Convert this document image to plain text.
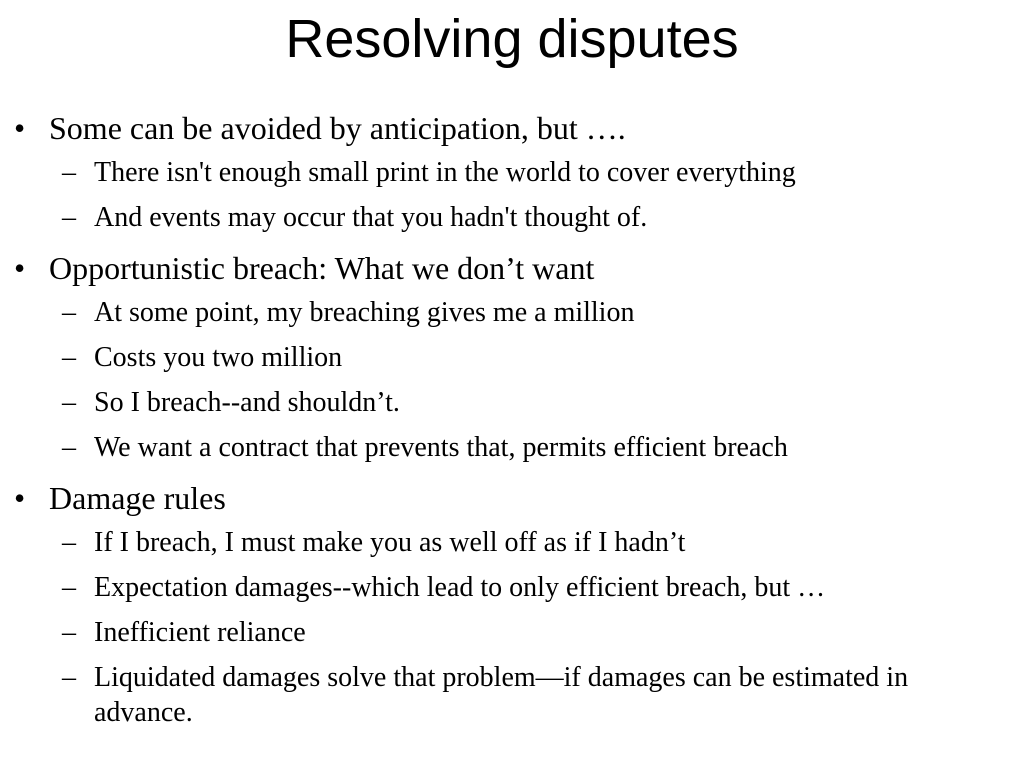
Resolving disputes
• Some can be avoided by anticipation, but ….
– There isn't enough small print in the world to cover everything
– And events may occur that you hadn't thought of.
• Opportunistic breach: What we don’t want
– At some point, my breaching gives me a million
– Costs you two million
– So I breach--and shouldn’t.
– We want a contract that prevents that, permits efficient breach
• Damage rules
– If I breach, I must make you as well off as if I hadn’t
– Expectation damages--which lead to only efficient breach, but …
– Inefficient reliance
– Liquidated damages solve that problem—if damages can be estimated in advance.
